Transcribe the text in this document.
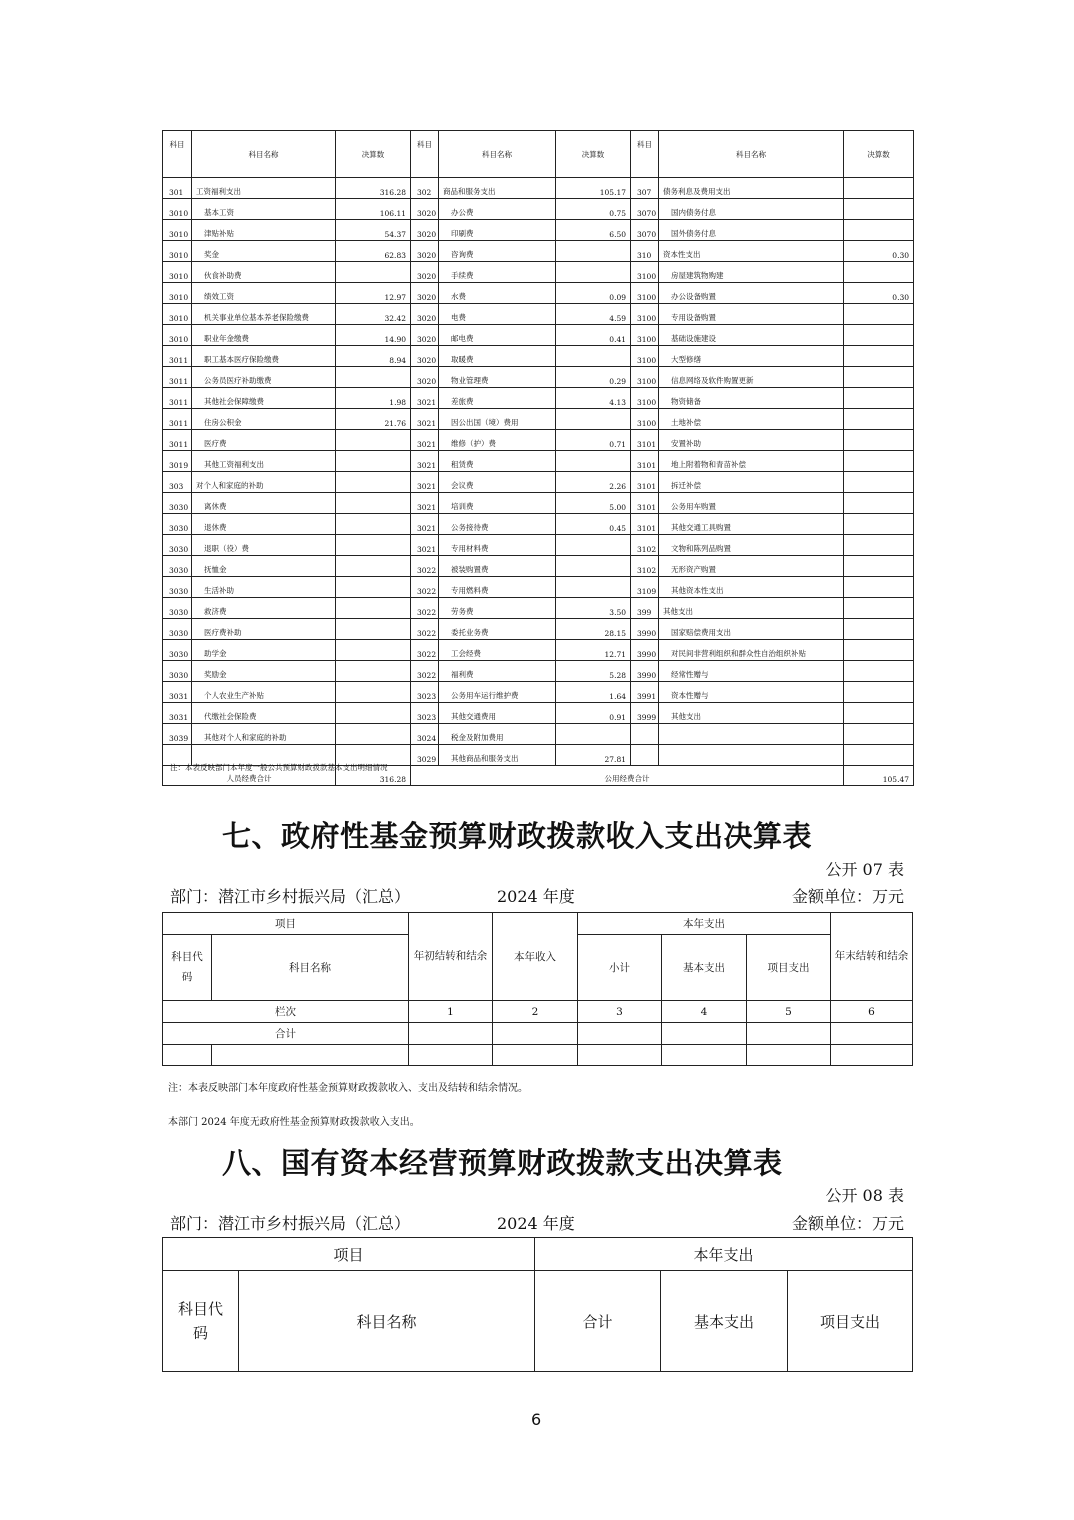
科目	科目名称	决算数	科目	科目名称	决算数	科目	科目名称	决算数
301	工资福利支出	316.28	302	商品和服务支出	105.17	307	债务利息及费用支出	
3010	基本工资	106.11	3020	办公费	0.75	3070	国内债务付息	
3010	津贴补贴	54.37	3020	印刷费	6.50	3070	国外债务付息	
3010	奖金	62.83	3020	咨询费		310	资本性支出	0.30
3010	伙食补助费		3020	手续费		3100	房屋建筑物购建	
3010	绩效工资	12.97	3020	水费	0.09	3100	办公设备购置	0.30
3010	机关事业单位基本养老保险缴费	32.42	3020	电费	4.59	3100	专用设备购置	
3010	职业年金缴费	14.90	3020	邮电费	0.41	3100	基础设施建设	
3011	职工基本医疗保险缴费	8.94	3020	取暖费		3100	大型修缮	
3011	公务员医疗补助缴费		3020	物业管理费	0.29	3100	信息网络及软件购置更新	
3011	其他社会保障缴费	1.98	3021	差旅费	4.13	3100	物资储备	
3011	住房公积金	21.76	3021	因公出国（境）费用		3100	土地补偿	
3011	医疗费		3021	维修（护）费	0.71	3101	安置补助	
3019	其他工资福利支出		3021	租赁费		3101	地上附着物和青苗补偿	
303	对个人和家庭的补助		3021	会议费	2.26	3101	拆迁补偿	
3030	离休费		3021	培训费	5.00	3101	公务用车购置	
3030	退休费		3021	公务接待费	0.45	3101	其他交通工具购置	
3030	退职（役）费		3021	专用材料费		3102	文物和陈列品购置	
3030	抚恤金		3022	被装购置费		3102	无形资产购置	
3030	生活补助		3022	专用燃料费		3109	其他资本性支出	
3030	救济费		3022	劳务费	3.50	399	其他支出	
3030	医疗费补助		3022	委托业务费	28.15	3990	国家赔偿费用支出	
3030	助学金		3022	工会经费	12.71	3990	对民间非营利组织和群众性自治组织补贴	
3030	奖励金		3022	福利费	5.28	3990	经常性赠与	
3031	个人农业生产补贴		3023	公务用车运行维护费	1.64	3991	资本性赠与	
3031	代缴社会保险费		3023	其他交通费用	0.91	3999	其他支出	
3039	其他对个人和家庭的补助		3024	税金及附加费用				
			3029	其他商品和服务支出	27.81			
人员经费合计		316.28	公用经费合计					105.47
注：本表反映部门本年度一般公共预算财政拨款基本支出明细情况
七、政府性基金预算财政拨款收入支出决算表
公开 07 表
部门：潜江市乡村振兴局（汇总）	2024 年度	金额单位：万元
项目		年初结转和结余	本年收入	本年支出			年末结转和结余
科目代码	科目名称			小计	基本支出	项目支出	
栏次		1	2	3	4	5	6
合计							

注：本表反映部门本年度政府性基金预算财政拨款收入、支出及结转和结余情况。
本部门 2024 年度无政府性基金预算财政拨款收入支出。
八、国有资本经营预算财政拨款支出决算表
公开 08 表
部门：潜江市乡村振兴局（汇总）	2024 年度	金额单位：万元
项目		本年支出		
科目代码	科目名称	合计	基本支出	项目支出
6
